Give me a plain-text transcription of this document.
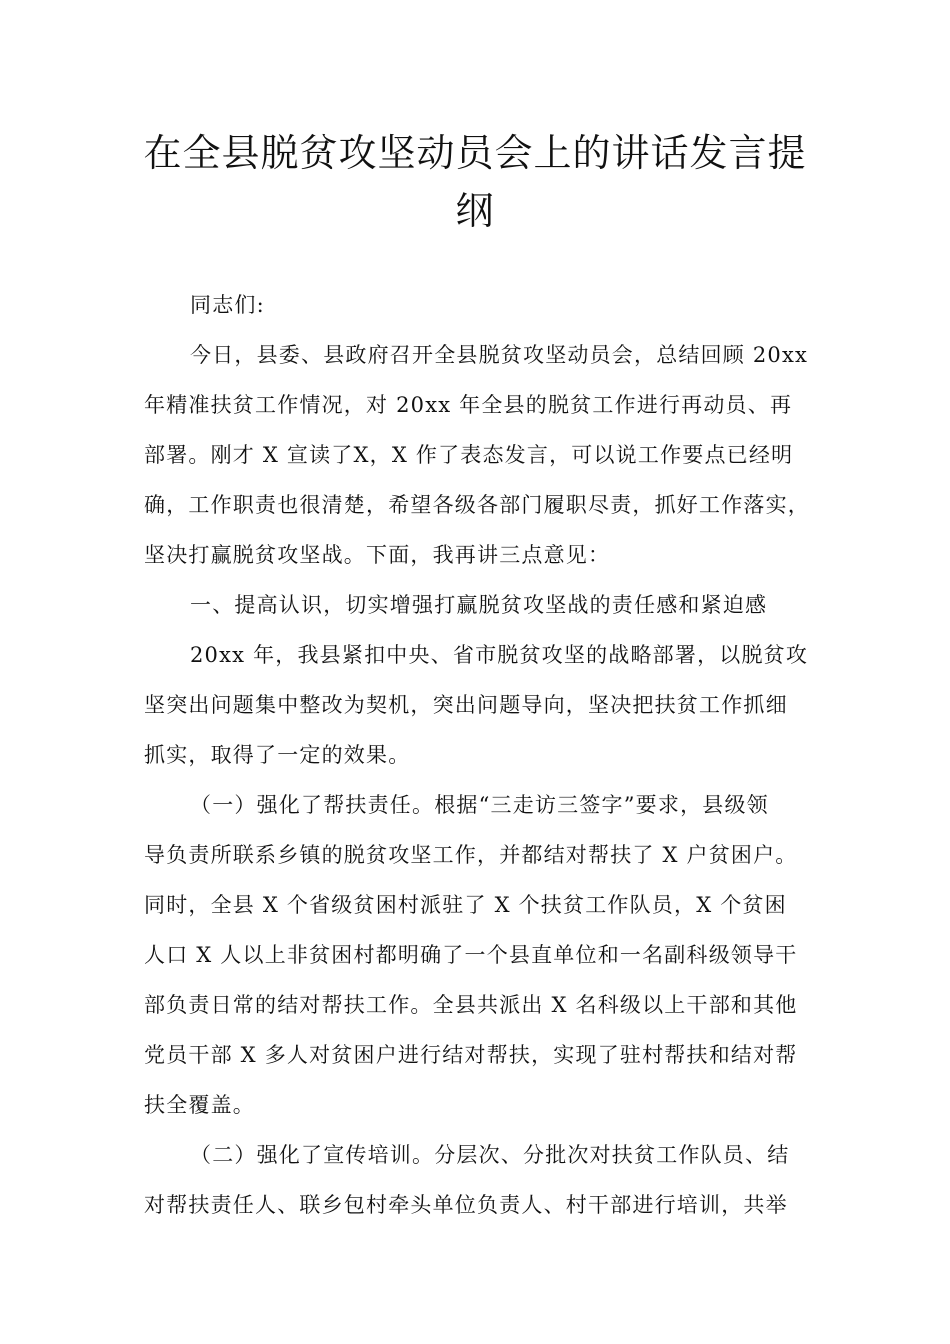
在全县脱贫攻坚动员会上的讲话发言提
纲
同志们:
今日，县委、县政府召开全县脱贫攻坚动员会，总结回顾 20xx
年精准扶贫工作情况，对 20xx 年全县的脱贫工作进行再动员、再
部署。刚才 X 宣读了X，X 作了表态发言，可以说工作要点已经明
确，工作职责也很清楚，希望各级各部门履职尽责，抓好工作落实，
坚决打赢脱贫攻坚战。下面，我再讲三点意见：
一、提高认识，切实增强打赢脱贫攻坚战的责任感和紧迫感
20xx 年，我县紧扣中央、省市脱贫攻坚的战略部署，以脱贫攻
坚突出问题集中整改为契机，突出问题导向，坚决把扶贫工作抓细
抓实，取得了一定的效果。
（一）强化了帮扶责任。根据“三走访三签字”要求，县级领
导负责所联系乡镇的脱贫攻坚工作，并都结对帮扶了 X 户贫困户。
同时，全县 X 个省级贫困村派驻了 X 个扶贫工作队员，X 个贫困
人口 X 人以上非贫困村都明确了一个县直单位和一名副科级领导干
部负责日常的结对帮扶工作。全县共派出 X 名科级以上干部和其他
党员干部 X 多人对贫困户进行结对帮扶，实现了驻村帮扶和结对帮
扶全覆盖。
（二）强化了宣传培训。分层次、分批次对扶贫工作队员、结
对帮扶责任人、联乡包村牵头单位负责人、村干部进行培训，共举
